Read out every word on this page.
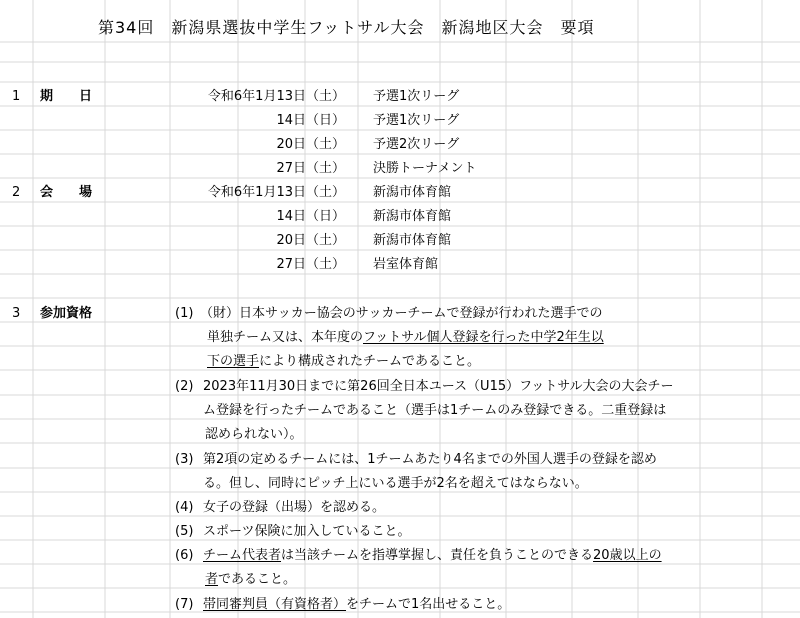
第34回　新潟県選抜中学生フットサル大会　新潟地区大会　要項
1 期　　日	令和6年1月13日（土） 予選1次リーグ
14日（日） 予選1次リーグ
20日（土） 予選2次リーグ
27日（土） 決勝トーナメント
2 会　　場	令和6年1月13日（土） 新潟市体育館
14日（日） 新潟市体育館
20日（土） 新潟市体育館
27日（土） 岩室体育館
3 参加資格	(1) （財）日本サッカー協会のサッカーチームで登録が行われた選手での
単独チーム又は、本年度のフットサル個人登録を行った中学2年生以
下の選手により構成されたチームであること。
(2) 2023年11月30日までに第26回全日本ユース（U15）フットサル大会の大会チー
ム登録を行ったチームであること（選手は1チームのみ登録できる。二重登録は
認められない）。
(3) 第2項の定めるチームには、1チームあたり4名までの外国人選手の登録を認め
る。但し、同時にピッチ上にいる選手が2名を超えてはならない。
(4) 女子の登録（出場）を認める。
(5) スポーツ保険に加入していること。
(6) チーム代表者は当該チームを指導掌握し、責任を負うことのできる20歳以上の
者であること。
(7) 帯同審判員（有資格者）をチームで1名出せること。
